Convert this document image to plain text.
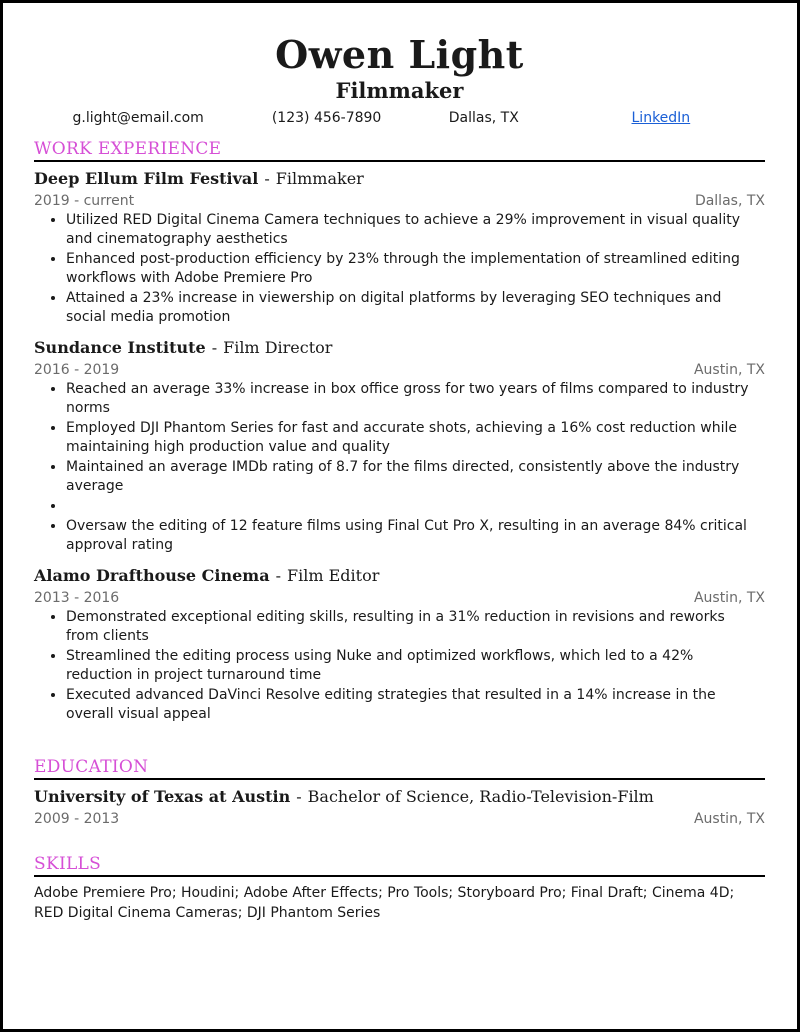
Owen Light
Filmmaker
g.light@email.com	(123) 456-7890	Dallas, TX	LinkedIn
WORK EXPERIENCE
Deep Ellum Film Festival - Filmmaker
2019 - current	Dallas, TX
• Utilized RED Digital Cinema Camera techniques to achieve a 29% improvement in visual quality and cinematography aesthetics
• Enhanced post-production efficiency by 23% through the implementation of streamlined editing workflows with Adobe Premiere Pro
• Attained a 23% increase in viewership on digital platforms by leveraging SEO techniques and social media promotion
Sundance Institute - Film Director
2016 - 2019	Austin, TX
• Reached an average 33% increase in box office gross for two years of films compared to industry norms
• Employed DJI Phantom Series for fast and accurate shots, achieving a 16% cost reduction while maintaining high production value and quality
• Maintained an average IMDb rating of 8.7 for the films directed, consistently above the industry average
•
• Oversaw the editing of 12 feature films using Final Cut Pro X, resulting in an average 84% critical approval rating
Alamo Drafthouse Cinema - Film Editor
2013 - 2016	Austin, TX
• Demonstrated exceptional editing skills, resulting in a 31% reduction in revisions and reworks from clients
• Streamlined the editing process using Nuke and optimized workflows, which led to a 42% reduction in project turnaround time
• Executed advanced DaVinci Resolve editing strategies that resulted in a 14% increase in the overall visual appeal
EDUCATION
University of Texas at Austin - Bachelor of Science, Radio-Television-Film
2009 - 2013	Austin, TX
SKILLS
Adobe Premiere Pro; Houdini; Adobe After Effects; Pro Tools; Storyboard Pro; Final Draft; Cinema 4D; RED Digital Cinema Cameras; DJI Phantom Series
